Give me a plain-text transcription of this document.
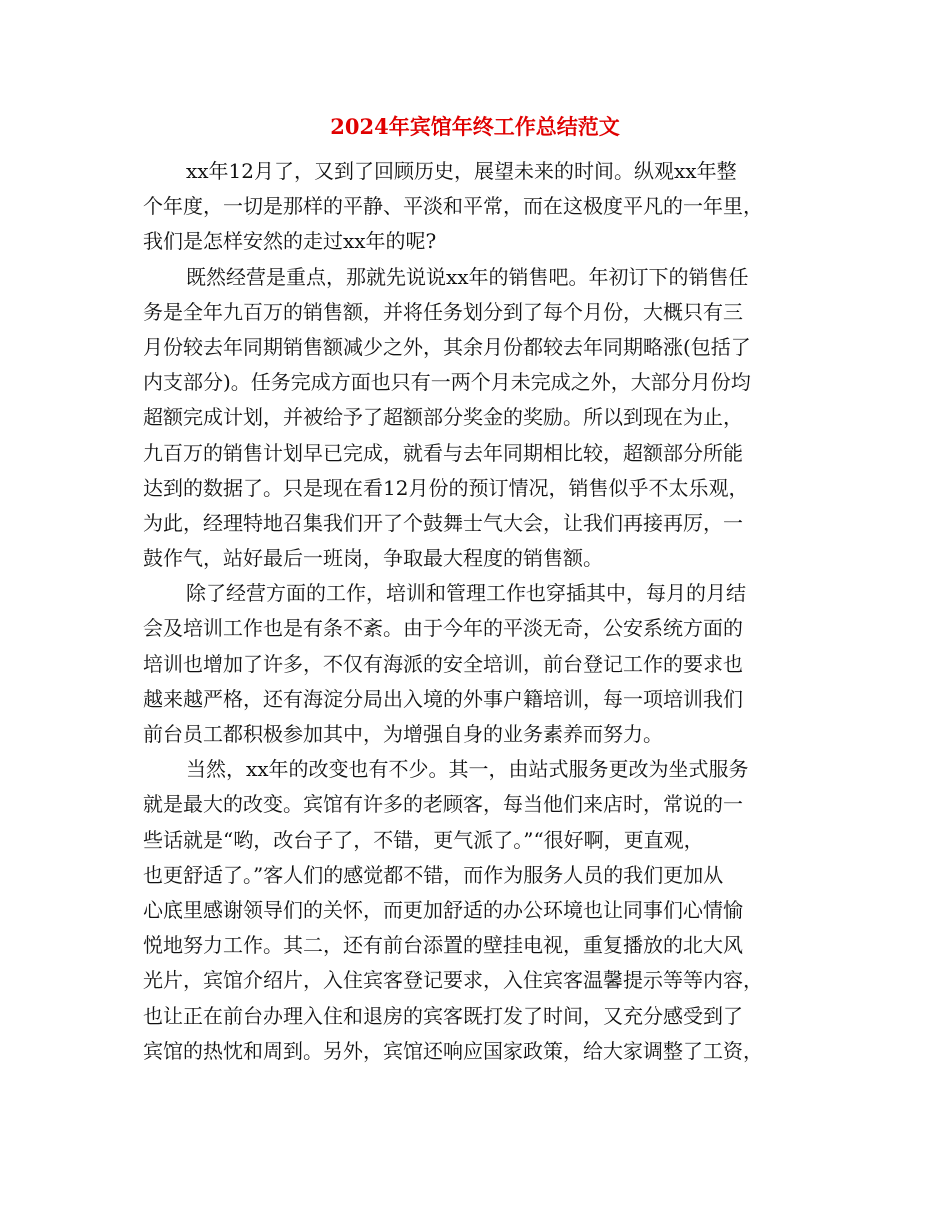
2024年宾馆年终工作总结范文
xx年12月了，又到了回顾历史，展望未来的时间。纵观xx年整
个年度，一切是那样的平静、平淡和平常，而在这极度平凡的一年里，
我们是怎样安然的走过xx年的呢?
既然经营是重点，那就先说说xx年的销售吧。年初订下的销售任
务是全年九百万的销售额，并将任务划分到了每个月份，大概只有三
月份较去年同期销售额减少之外，其余月份都较去年同期略涨(包括了
内支部分)。任务完成方面也只有一两个月未完成之外，大部分月份均
超额完成计划，并被给予了超额部分奖金的奖励。所以到现在为止，
九百万的销售计划早已完成，就看与去年同期相比较，超额部分所能
达到的数据了。只是现在看12月份的预订情况，销售似乎不太乐观，
为此，经理特地召集我们开了个鼓舞士气大会，让我们再接再厉，一
鼓作气，站好最后一班岗，争取最大程度的销售额。
除了经营方面的工作，培训和管理工作也穿插其中，每月的月结
会及培训工作也是有条不紊。由于今年的平淡无奇，公安系统方面的
培训也增加了许多，不仅有海派的安全培训，前台登记工作的要求也
越来越严格，还有海淀分局出入境的外事户籍培训，每一项培训我们
前台员工都积极参加其中，为增强自身的业务素养而努力。
当然，xx年的改变也有不少。其一，由站式服务更改为坐式服务
就是最大的改变。宾馆有许多的老顾客，每当他们来店时，常说的一
些话就是“哟，改台子了，不错，更气派了。”“很好啊，更直观，
也更舒适了。”客人们的感觉都不错，而作为服务人员的我们更加从
心底里感谢领导们的关怀，而更加舒适的办公环境也让同事们心情愉
悦地努力工作。其二，还有前台添置的壁挂电视，重复播放的北大风
光片，宾馆介绍片，入住宾客登记要求，入住宾客温馨提示等等内容，
也让正在前台办理入住和退房的宾客既打发了时间，又充分感受到了
宾馆的热忱和周到。另外，宾馆还响应国家政策，给大家调整了工资，
